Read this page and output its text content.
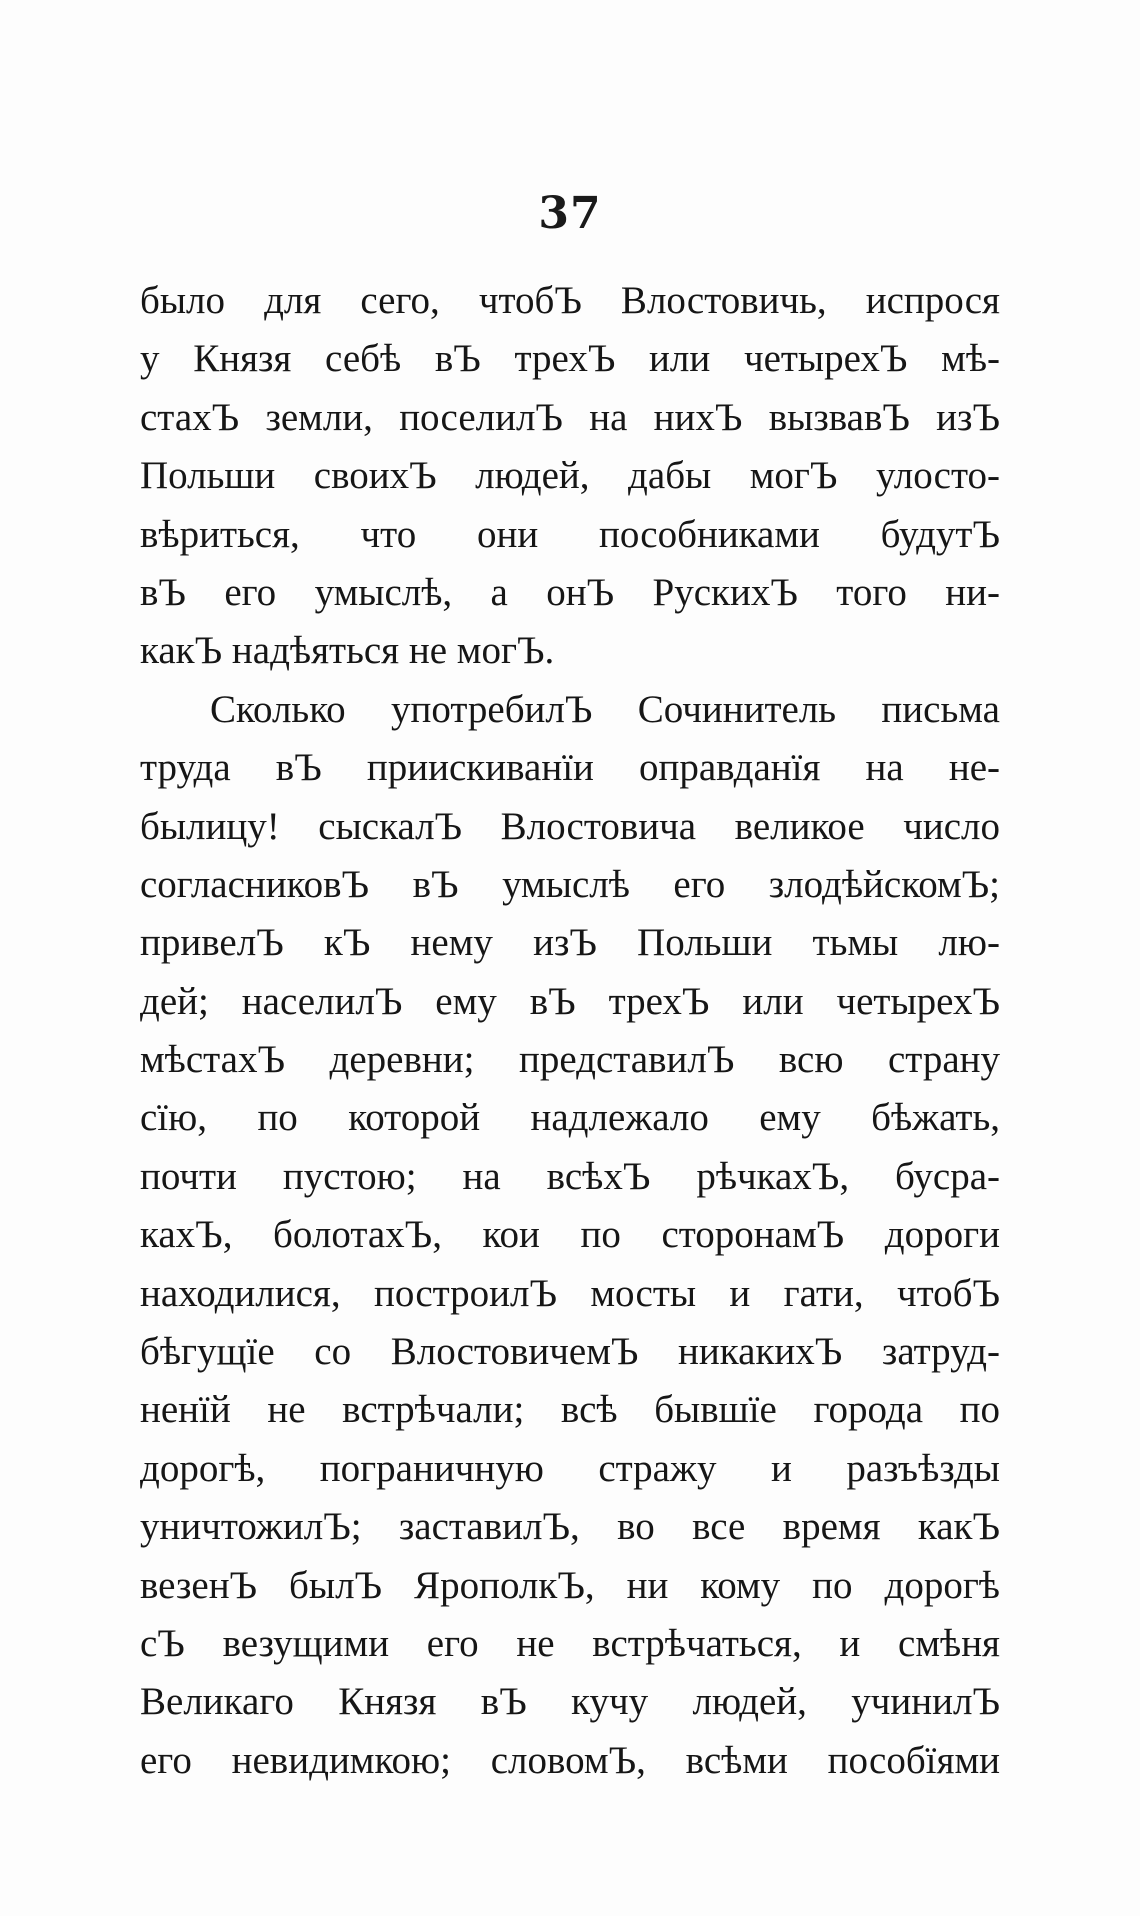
37
было для сего, чтобЪ Влостовичь, испрося
у Князя себѣ вЪ трехЪ или четырехЪ мѣ-
стахЪ земли, поселилЪ на нихЪ вызвавЪ изЪ
Польши своихЪ людей, дабы могЪ улосто-
вѣриться, что они пособниками будутЪ
вЪ его умыслѣ, а онЪ РускихЪ того ни-
какЪ надѣяться не могЪ.
Сколько употребилЪ Сочинитель письма
труда вЪ приискиванïи оправданïя на не-
былицу! сыскалЪ Влостовича великое число
согласниковЪ вЪ умыслѣ его злодѣйскомЪ;
привелЪ кЪ нему изЪ Польши тьмы лю-
дей; населилЪ ему вЪ трехЪ или четырехЪ
мѣстахЪ деревни; представилЪ всю страну
сïю, по которой надлежало ему бѣжать,
почти пустою; на всѣхЪ рѣчкахЪ, бусра-
кахЪ, болотахЪ, кои по сторонамЪ дороги
находилися, построилЪ мосты и гати, чтобЪ
бѣгущïе со ВлостовичемЪ никакихЪ затруд-
ненïй не встрѣчали; всѣ бывшïе города по
дорогѣ, пограничную стражу и разъѣзды
уничтожилЪ; заставилЪ, во все время какЪ
везенЪ былЪ ЯрополкЪ, ни кому по дорогѣ
сЪ везущими его не встрѣчаться, и смѣня
Великаго Князя вЪ кучу людей, учинилЪ
его невидимкою; словомЪ, всѣми пособïями
